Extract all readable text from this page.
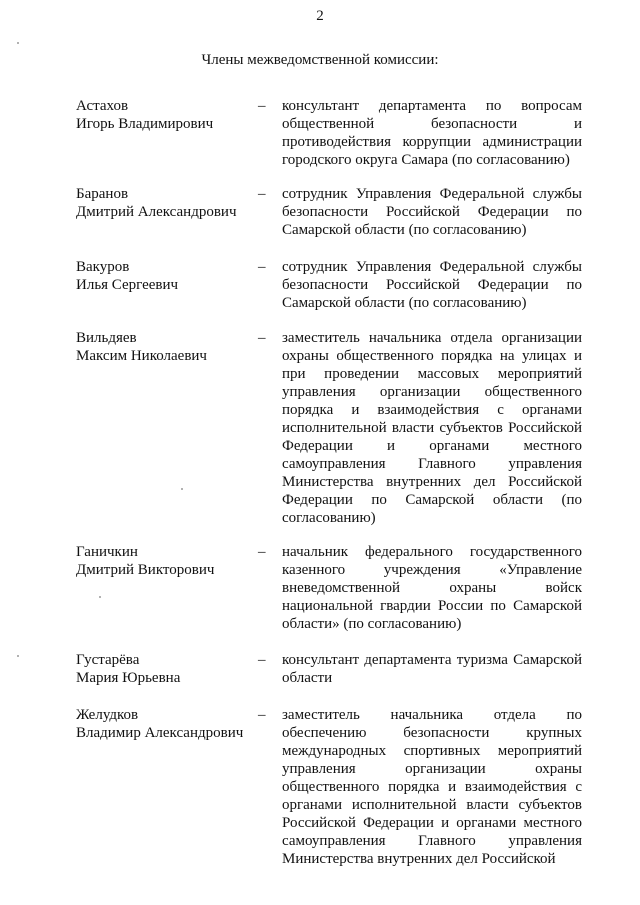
2
Члены межведомственной комиссии:
Астахов
Игорь Владимирович
– консультант департамента по вопросам
общественной безопасности и
противодействия коррупции администрации
городского округа Самара (по согласованию)
Баранов
Дмитрий Александрович
– сотрудник Управления Федеральной службы
безопасности Российской Федерации по
Самарской области (по согласованию)
Вакуров
Илья Сергеевич
– сотрудник Управления Федеральной службы
безопасности Российской Федерации по
Самарской области (по согласованию)
Вильдяев
Максим Николаевич
– заместитель начальника отдела организации
охраны общественного порядка на улицах и
при проведении массовых мероприятий
управления организации общественного
порядка и взаимодействия с органами
исполнительной власти субъектов Российской
Федерации и органами местного
самоуправления Главного управления
Министерства внутренних дел Российской
Федерации по Самарской области (по
согласованию)
Ганичкин
Дмитрий Викторович
– начальник федерального государственного
казенного учреждения «Управление
вневедомственной охраны войск
национальной гвардии России по Самарской
области» (по согласованию)
Густарёва
Мария Юрьевна
– консультант департамента туризма Самарской
области
Желудков
Владимир Александрович
– заместитель начальника отдела по
обеспечению безопасности крупных
международных спортивных мероприятий
управления организации охраны
общественного порядка и взаимодействия с
органами исполнительной власти субъектов
Российской Федерации и органами местного
самоуправления Главного управления
Министерства внутренних дел Российской
